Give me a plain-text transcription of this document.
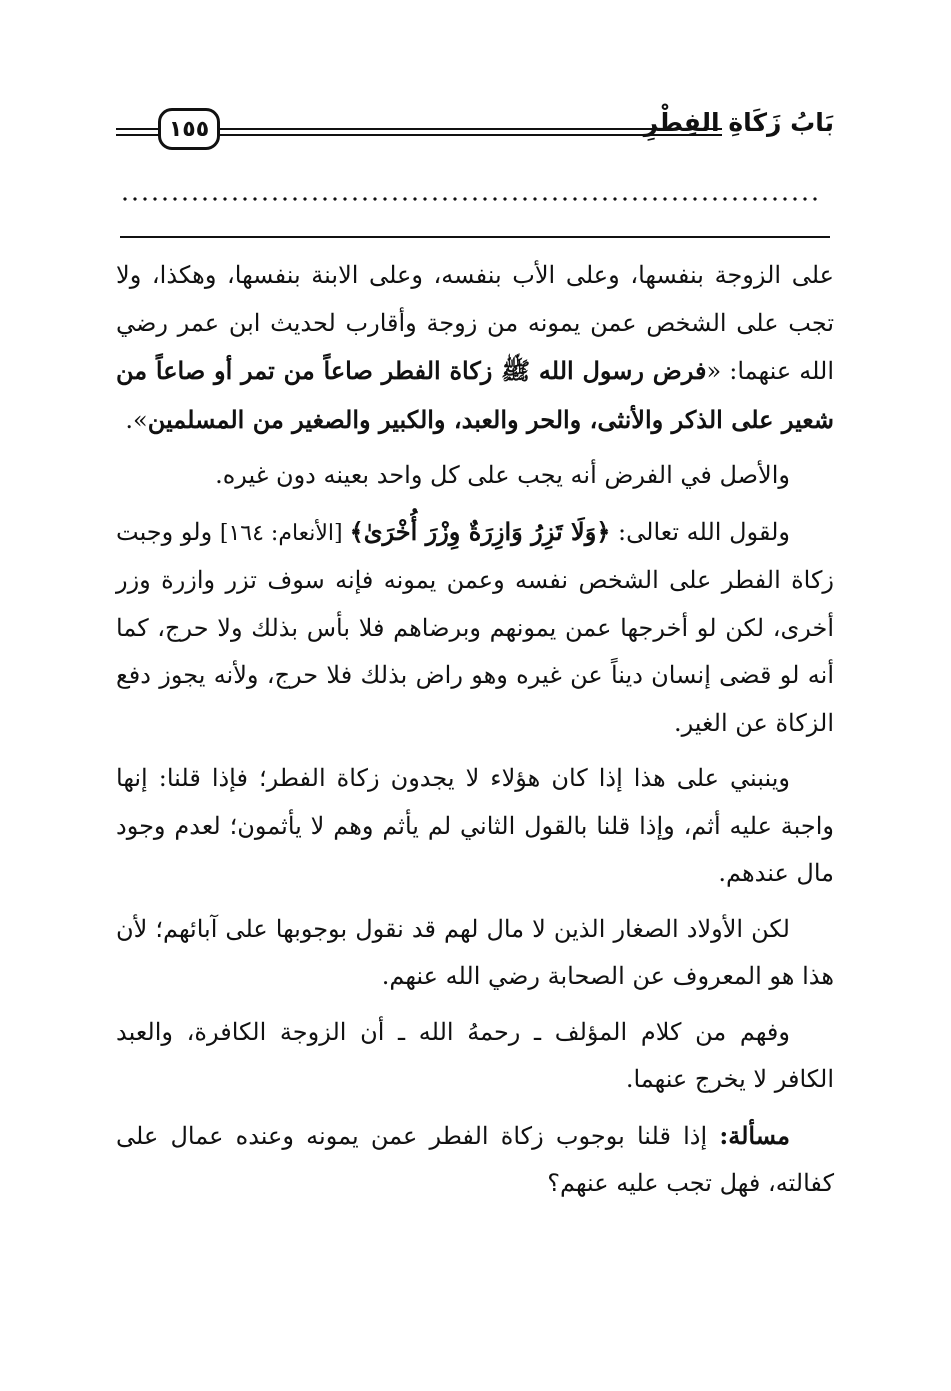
١٥٥	بَابُ زَكَاةِ الفِطْرِ

على الزوجة بنفسها، وعلى الأب بنفسه، وعلى الابنة بنفسها، وهكذا، ولا تجب على الشخص عمن يمونه من زوجة وأقارب لحديث ابن عمر رضي الله عنهما: «فرض رسول الله ﷺ زكاة الفطر صاعاً من تمر أو صاعاً من شعير على الذكر والأنثى، والحر والعبد، والكبير والصغير من المسلمين».

والأصل في الفرض أنه يجب على كل واحد بعينه دون غيره.

ولقول الله تعالى: ﴿وَلَا تَزِرُ وَازِرَةٌ وِزْرَ أُخْرَىٰ﴾ [الأنعام: ١٦٤] ولو وجبت زكاة الفطر على الشخص نفسه وعمن يمونه فإنه سوف تزر وازرة وزر أخرى، لكن لو أخرجها عمن يمونهم وبرضاهم فلا بأس بذلك ولا حرج، كما أنه لو قضى إنسان ديناً عن غيره وهو راض بذلك فلا حرج، ولأنه يجوز دفع الزكاة عن الغير.

وينبني على هذا إذا كان هؤلاء لا يجدون زكاة الفطر؛ فإذا قلنا: إنها واجبة عليه أثم، وإذا قلنا بالقول الثاني لم يأثم وهم لا يأثمون؛ لعدم وجود مال عندهم.

لكن الأولاد الصغار الذين لا مال لهم قد نقول بوجوبها على آبائهم؛ لأن هذا هو المعروف عن الصحابة رضي الله عنهم.

وفهم من كلام المؤلف ـ رحمهُ الله ـ أن الزوجة الكافرة، والعبد الكافر لا يخرج عنهما.

مسألة: إذا قلنا بوجوب زكاة الفطر عمن يمونه وعنده عمال على كفالته، فهل تجب عليه عنهم؟
